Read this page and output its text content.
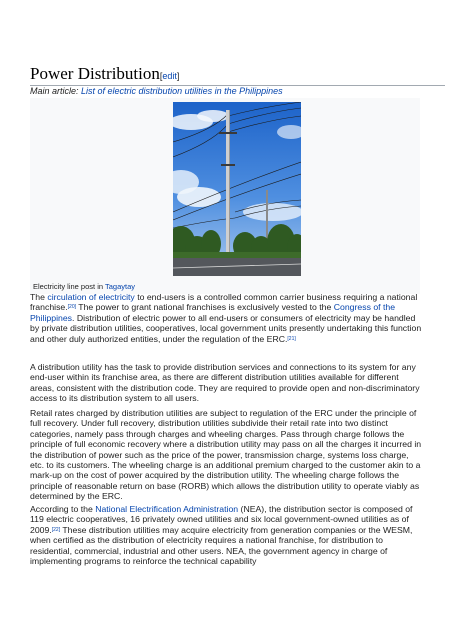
Power Distribution[edit]
Main article: List of electric distribution utilities in the Philippines
Electricity line post in Tagaytay

The circulation of electricity to end-users is a controlled common carrier business requiring a national franchise.[20] The power to grant national franchises is exclusively vested to the Congress of the Philippines. Distribution of electric power to all end-users or consumers of electricity may be handled by private distribution utilities, cooperatives, local government units presently undertaking this function and other duly authorized entities, under the regulation of the ERC.[21]

A distribution utility has the task to provide distribution services and connections to its system for any end-user within its franchise area, as there are different distribution utilities available for different areas, consistent with the distribution code. They are required to provide open and non-discriminatory access to its distribution system to all users.

Retail rates charged by distribution utilities are subject to regulation of the ERC under the principle of full recovery. Under full recovery, distribution utilities subdivide their retail rate into two distinct categories, namely pass through charges and wheeling charges. Pass through charge follows the principle of full economic recovery where a distribution utility may pass on all the charges it incurred in the distribution of power such as the price of the power, transmission charge, systems loss charge, etc. to its customers. The wheeling charge is an additional premium charged to the customer akin to a mark-up on the cost of power acquired by the distribution utility. The wheeling charge follows the principle of reasonable return on base (RORB) which allows the distribution utility to operate viably as determined by the ERC.

According to the National Electrification Administration (NEA), the distribution sector is composed of 119 electric cooperatives, 16 privately owned utilities and six local government-owned utilities as of 2009.[22] These distribution utilities may acquire electricity from generation companies or the WESM, when certified as the distribution of electricity requires a national franchise, for distribution to residential, commercial, industrial and other users. NEA, the government agency in charge of implementing programs to reinforce the technical capability
